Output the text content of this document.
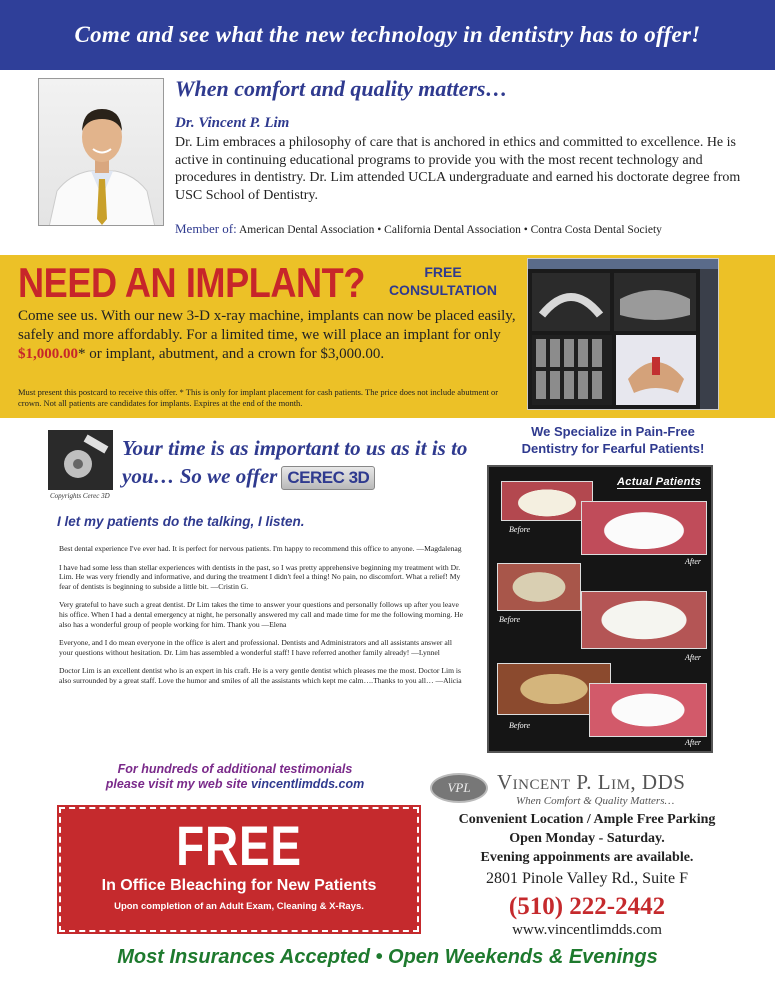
Come and see what the new technology in dentistry has to offer!
When comfort and quality matters…
Dr. Vincent P. Lim
Dr. Lim embraces a philosophy of care that is anchored in ethics and committed to excellence. He is active in continuing educational programs to provide you with the most recent technology and procedures in dentistry. Dr. Lim attended UCLA undergraduate and earned his doctorate degree from USC School of Dentistry.
Member of: American Dental Association • California Dental Association • Contra Costa Dental Society
NEED AN IMPLANT?	FREE
CONSULTATION
Come see us. With our new 3-D x-ray machine, implants can now be placed easily, safely and more affordably. For a limited time, we will place an implant for only $1,000.00* or implant, abutment, and a crown for $3,000.00.
Must present this postcard to receive this offer. * This is only for implant placement for cash patients. The price does not include abutment or crown. Not all patients are candidates for implants. Expires at the end of the month.
Copyrights Cerec 3D
Your time is as important to us as it is to you… So we offer CEREC 3D
I let my patients do the talking, I listen.

Best dental experience I've ever had. It is perfect for nervous patients. I'm happy to recommend this office to anyone. —Magdalenag

I have had some less than stellar experiences with dentists in the past, so I was pretty apprehensive beginning my treatment with Dr. Lim. He was very friendly and informative, and during the treatment I didn't feel a thing! No pain, no discomfort. What a relief! My fear of dentists is beginning to subside a little bit. —Cristin G.

Very grateful to have such a great dentist. Dr Lim takes the time to answer your questions and personally follows up after you leave his office. When I had a dental emergency at night, he personally answered my call and made time for me the following morning. He also has a wonderful group of people working for him. Thank you —Elena

Everyone, and I do mean everyone in the office is alert and professional. Dentists and Administrators and all assistants answer all your questions without hesitation. Dr. Lim has assembled a wonderful staff! I have referred another family already! —Lynnel

Doctor Lim is an excellent dentist who is an expert in his craft. He is a very gentle dentist which pleases me the most. Doctor Lim is also surrounded by a great staff. Love the humor and smiles of all the assistants which kept me calm….Thanks to you all… —Alicia

For hundreds of additional testimonials
please visit my web site vincentlimdds.com
We Specialize in Pain-Free
Dentistry for Fearful Patients!
Actual Patients
Before
After
Before
After
Before
After
FREE
In Office Bleaching for New Patients
Upon completion of an Adult Exam, Cleaning & X-Rays.
VPL	Vincent P. Lim, DDS
When Comfort & Quality Matters…
Convenient Location / Ample Free Parking
Open Monday - Saturday.
Evening appoinments are available.
2801 Pinole Valley Rd., Suite F
(510) 222-2442
www.vincentlimdds.com
Most Insurances Accepted • Open Weekends & Evenings
